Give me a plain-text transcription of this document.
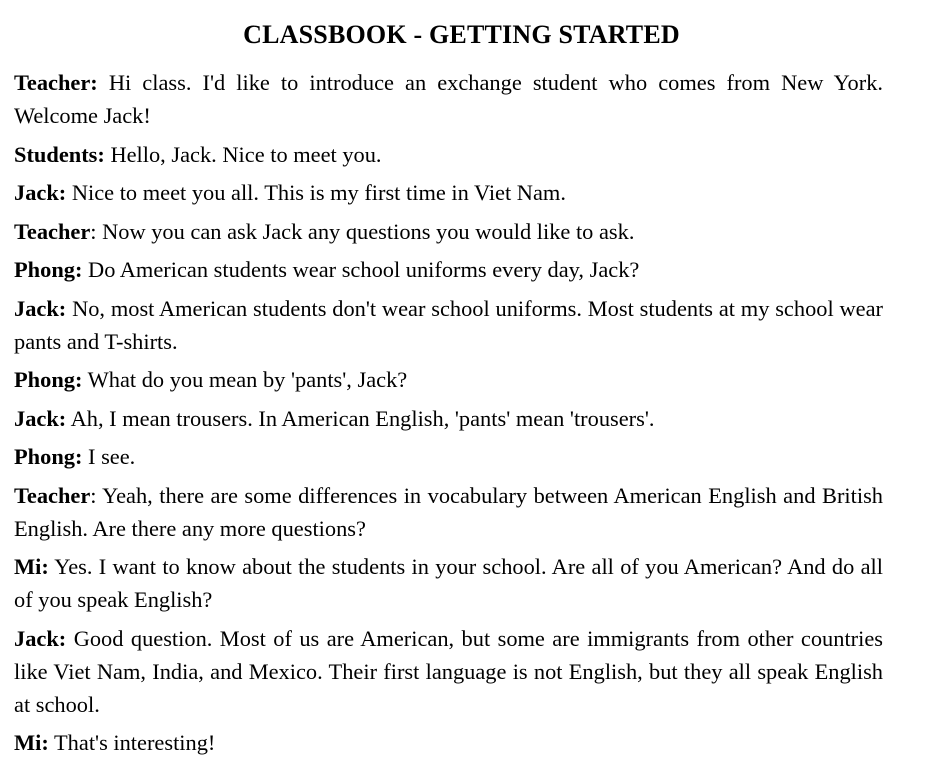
CLASSBOOK - GETTING STARTED

Teacher: Hi class. I'd like to introduce an exchange student who comes from New York. Welcome Jack!

Students: Hello, Jack. Nice to meet you.

Jack: Nice to meet you all. This is my first time in Viet Nam.

Teacher: Now you can ask Jack any questions you would like to ask.

Phong: Do American students wear school uniforms every day, Jack?

Jack: No, most American students don't wear school uniforms. Most students at my school wear pants and T-shirts.

Phong: What do you mean by 'pants', Jack?

Jack: Ah, I mean trousers. In American English, 'pants' mean 'trousers'.

Phong: I see.

Teacher: Yeah, there are some differences in vocabulary between American English and British English. Are there any more questions?

Mi: Yes. I want to know about the students in your school. Are all of you American? And do all of you speak English?

Jack: Good question. Most of us are American, but some are immigrants from other countries like Viet Nam, India, and Mexico. Their first language is not English, but they all speak English at school.

Mi: That's interesting!
